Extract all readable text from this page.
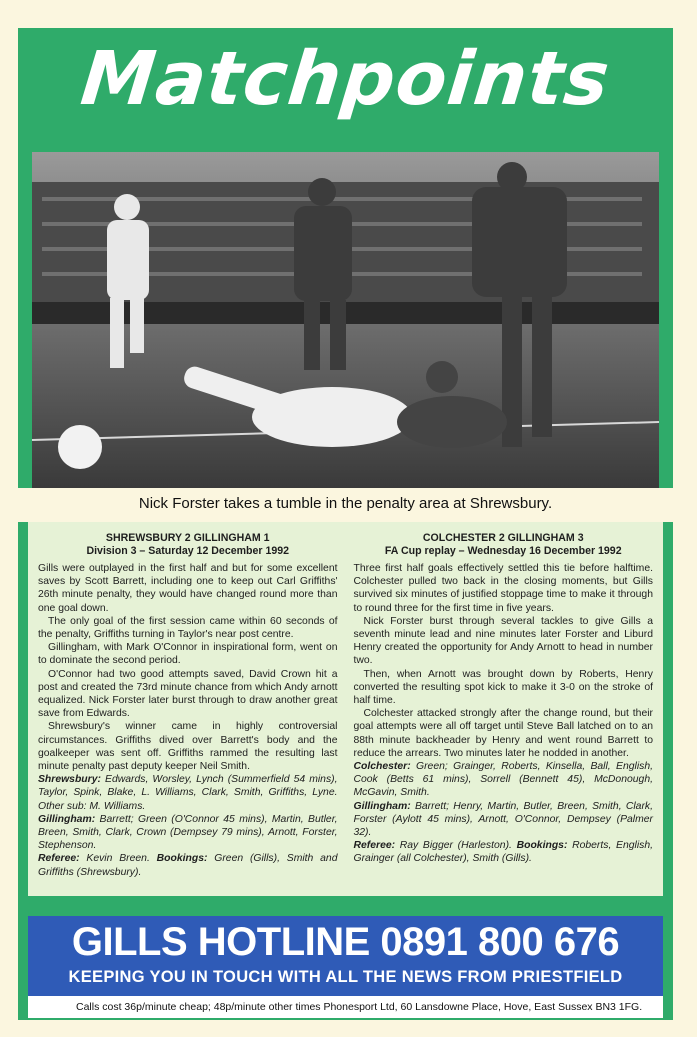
Matchpoints
Nick Forster takes a tumble in the penalty area at Shrewsbury.
SHREWSBURY 2 GILLINGHAM 1
Division 3 – Saturday 12 December 1992

Gills were outplayed in the first half and but for some excellent saves by Scott Barrett, including one to keep out Carl Griffiths' 26th minute penalty, they would have changed round more than one goal down.

The only goal of the first session came within 60 seconds of the penalty, Griffiths turning in Taylor's near post centre.

Gillingham, with Mark O'Connor in inspirational form, went on to dominate the second period.

O'Connor had two good attempts saved, David Crown hit a post and created the 73rd minute chance from which Andy arnott equalized. Nick Forster later burst through to draw another great save from Edwards.

Shrewsbury's winner came in highly controversial circumstances. Griffiths dived over Barrett's body and the goalkeeper was sent off. Griffiths rammed the resulting last minute penalty past deputy keeper Neil Smith.

Shrewsbury: Edwards, Worsley, Lynch (Summerfield 54 mins), Taylor, Spink, Blake, L. Williams, Clark, Smith, Griffiths, Lyne. Other sub: M. Williams.

Gillingham: Barrett; Green (O'Connor 45 mins), Martin, Butler, Breen, Smith, Clark, Crown (Dempsey 79 mins), Arnott, Forster, Stephenson.

Referee: Kevin Breen. Bookings: Green (Gills), Smith and Griffiths (Shrewsbury).

COLCHESTER 2 GILLINGHAM 3
FA Cup replay – Wednesday 16 December 1992

Three first half goals effectively settled this tie before halftime. Colchester pulled two back in the closing moments, but Gills survived six minutes of justified stoppage time to make it through to round three for the first time in five years.

Nick Forster burst through several tackles to give Gills a seventh minute lead and nine minutes later Forster and Liburd Henry created the opportunity for Andy Arnott to head in number two.

Then, when Arnott was brought down by Roberts, Henry converted the resulting spot kick to make it 3-0 on the stroke of half time.

Colchester attacked strongly after the change round, but their goal attempts were all off target until Steve Ball latched on to an 88th minute backheader by Henry and went round Barrett to reduce the arrears. Two minutes later he nodded in another.

Colchester: Green; Grainger, Roberts, Kinsella, Ball, English, Cook (Betts 61 mins), Sorrell (Bennett 45), McDonough, McGavin, Smith.

Gillingham: Barrett; Henry, Martin, Butler, Breen, Smith, Clark, Forster (Aylott 45 mins), Arnott, O'Connor, Dempsey (Palmer 32).

Referee: Ray Bigger (Harleston). Bookings: Roberts, English, Grainger (all Colchester), Smith (Gills).

GILLS HOTLINE 0891 800 676
KEEPING YOU IN TOUCH WITH ALL THE NEWS FROM PRIESTFIELD
Calls cost 36p/minute cheap; 48p/minute other times Phonesport Ltd, 60 Lansdowne Place, Hove, East Sussex BN3 1FG.
